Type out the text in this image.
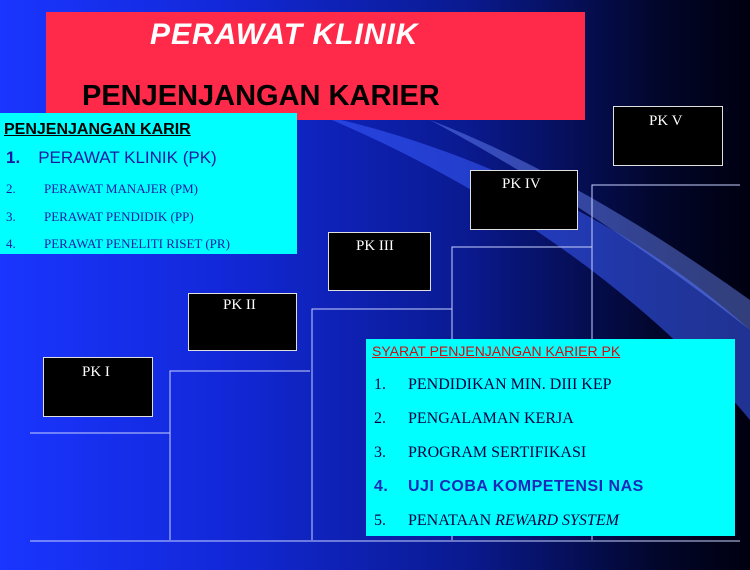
PERAWAT KLINIK
PENJENJANGAN KARIER
PK V
PK IV
PK III
PK II
PK I
PENJENJANGAN KARIR
1. PERAWAT KLINIK (PK)
2.	PERAWAT MANAJER (PM)
3.	PERAWAT PENDIDIK (PP)
4.	PERAWAT PENELITI RISET (PR)
SYARAT PENJENJANGAN KARIER PK
1.	PENDIDIKAN MIN. DIII KEP
2.	PENGALAMAN KERJA
3.	PROGRAM SERTIFIKASI
4.	UJI COBA KOMPETENSI NAS
5.	PENATAAN REWARD SYSTEM
